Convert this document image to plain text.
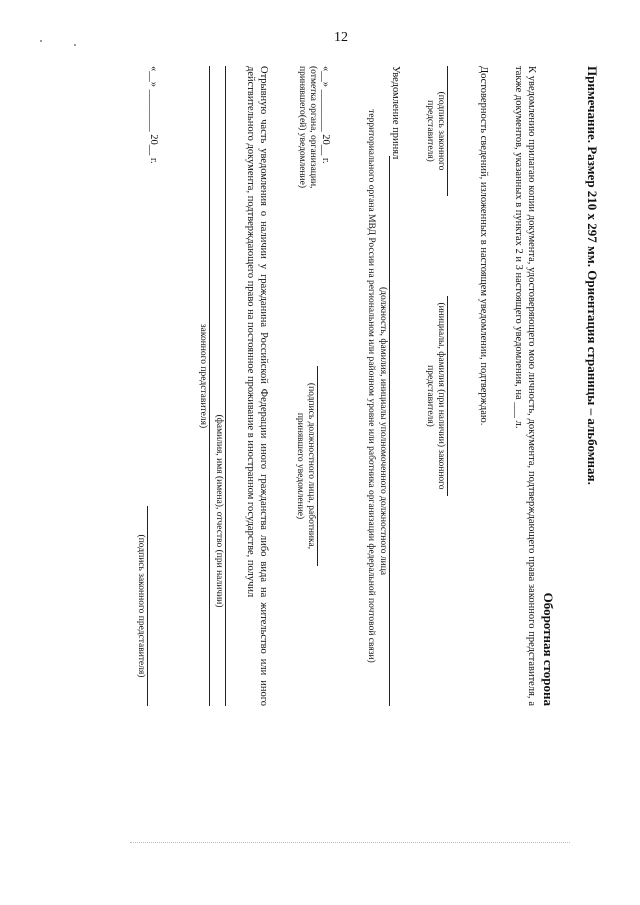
12
Оборотная сторона
К уведомлению прилагаю копии документа, удостоверяющего мою личность, документа, подтверждающего права законного представителя, а также документов, указанных в пунктах 2 и 3 настоящего уведомления, на ___ л.
Достоверность сведений, изложенных в настоящем уведомлении, подтверждаю.
(подпись законного представителя)
(инициалы, фамилия (при наличии) законного представителя)
Уведомление принял
(должность, фамилия, инициалы уполномоченного должностного лица
территориального органа МВД России на региональном или районном уровне или работника организации федеральной почтовой связи)
«__» ________ 20__ г.
(отметка органа, организации, принявшего(ей) уведомление)
(подпись должностного лица, работника, принявшего уведомление)
Отрывную часть уведомления о наличии у гражданина Российской Федерации иного гражданства либо вида на жительство или иного действительного документа, подтверждающего право на постоянное проживание в иностранном государстве, получил
(фамилия, имя (имена), отчество (при наличии)
законного представителя)
«__» ________ 20__ г.
(подпись законного представителя)
Примечание. Размер 210 х 297 мм. Ориентация страницы – альбомная.
